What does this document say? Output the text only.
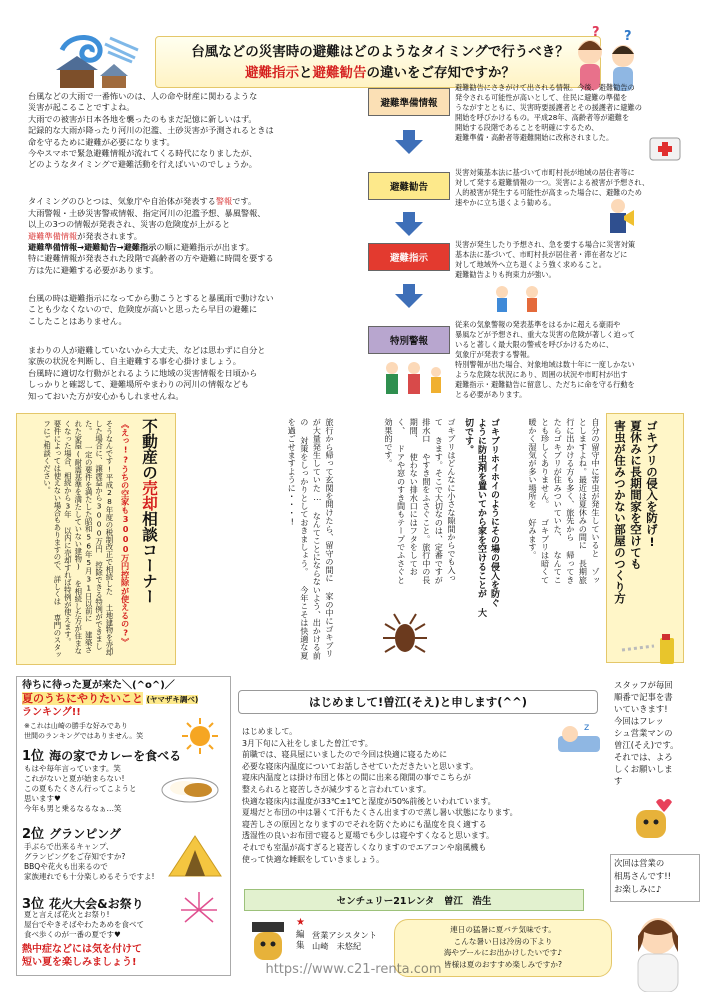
台風などの災害時の避難はどのようなタイミングで行うべき？
避難指示と避難勧告の違いをご存知ですか？
? ?
台風などの大雨で一番怖いのは、人の命や財産に関わるような
災害が起こることですよね。
大雨での被害が日本各地を襲ったのもまだ記憶に新しいはず。
記録的な大雨が降ったり河川の氾濫、土砂災害が予測されるときは
命を守るために避難が必要になります。
今やスマホで緊急避難情報が流れてくる時代になりましたが、
どのようなタイミングで避難活動を行えばいいのでしょうか。

タイミングのひとつは、気象庁や自治体が発表する警報です。
大雨警報・土砂災害警戒情報、指定河川の氾濫予想、暴風警報、
以上の3つの情報が発表され、災害の危険度が上がると
避難準備情報が発表されます。
避難準備情報→避難勧告→避難指示の順に避難指示が出ます。
特に避難情報が発表された段階で高齢者の方や避難に時間を要する
方は先に避難する必要があります。

台風の時は避難指示になってから動こうとすると暴風雨で動けない
ことも少なくないので、危険度が高いと思ったら早目の避難に
こしたことはありません。
まわりの人が避難していないから大丈夫、などは思わずに自分と
家族の状況を判断し、自主避難する事を心掛けましょう。
台風時に適切な行動がとれるように地域の災害情報を日頃から
しっかりと確認して、避難場所やまわりの河川の情報なども
知っておいた方が安心かもしれませんね。
避難準備情報
避難勧告にさきがけて出される情報。今後、避難勧告の
発令される可能性が高いとして、住民に避難の準備を
うながすとともに、災害時要援護者とその援護者に避難の
開始を呼びかけるもの。平成28年、高齢者等が避難を
開始する段階であることを明確にするため、
避難準備・高齢者等避難開始に改称されました。
避難勧告
災害対策基本法に基づいて市町村長が地域の居住者等に
対して発する避難情報の一つ。災害による被害が予想され、
人的被害が発生する可能性が高まった場合に、避難のため
速やかに立ち退くよう勧める。
避難指示
災害が発生したり予想され、急を要する場合に災害対策
基本法に基づいて、市町村長が居住者・滞在者などに
対して地域外へ立ち退くよう強く求めること。
避難勧告よりも拘束力が強い。
特別警報
従来の気象警報の発表基準をはるかに超える豪雨や
暴風などが予想され、重大な災害の危険が著しく迫って
いると著しく最大限の警戒を呼びかけるために、
気象庁が発表する警報。
特別警報が出た場合、対象地域は数十年に一度しかない
ような危険な状況にあり、周囲の状況や市町村が出す
避難指示・避難勧告に留意し、ただちに命を守る行動を
とる必要があります。
不動産の売却相談コーナー
《えっ!?うちの空家も3000万円控除が使えるの?》
そうなんです!平成28年度の税制改正で相続した 土地建物を売却した場合に、譲渡益から3000万円 控除できる特例ができました。 一定の要件を満たした昭和56年5月31日以前に 建築された家屋(耐震基準を満たしていない建物) を相続した方が住まなくなった場合、相続から3年 以内に売却すれば特例が使えます。 要件によっては使えない場合もありますので、詳しくは 専門のスタッフにご相談ください。	ゴキブリの侵入を防げ!
夏休みに長期間家を空けても
害虫が住みつかない部屋のつくり方
自分の留守中に害虫が発生していると ゾッとしますよね。最近は夏休みの間に 長期旅行に出かける方も多く、旅先から 帰ってきたらゴキブリが住みついていた、 なんてことも珍しくありません。 ゴキブリは暗くて暖かく湿気が多い場所を 好みます。
ゴキブリホイホイのようにその場の侵入を防ぐ ように防虫剤を置いてから家を空けることが 大切です。
ゴキブリはどんなに小さな隙間からでも入って きます。そこで大切なのは、定番ですが排水口 やすき間をふさぐこと。旅行中の長期間、 使わない排水口にはフタをしておく、 ドアや窓のすき間もテープでふさぐと 効果的です。
旅行から帰って玄関を開けたら、留守の間に 家の中にゴキブリが大量発生していた… なんてことにならないよう、出かける前の 対策をしっかりとしておきましょう。 今年こそは快適な夏を過ごせますように・・・!
待ちに待った夏が来た＼(^o^)／
夏のうちにやりたいこと (ヤマザキ調べ)
ランキング!!
※これは山崎の勝手な好みであり
世間のランキングではありません。笑
1位 海の家でカレーを食べる
もはや毎年言っています。笑
これがないと夏が始まらない!
この夏もたくさん行ってこようと
思います♥
今年も男と乗るなるなぁ…笑
2位 グランピング
手ぶらで出来るキャンプ、
グランピングをご存知ですか?
BBQや花火も出来るので
家族連れでも十分楽しめるそうですよ!
3位 花火大会&お祭り
夏と言えば花火とお祭り!
屋台でやきそばやわたあめを食べて
食べ歩くのが一番の夏です♥
熱中症などには気を付けて
短い夏を楽しみましょう!
はじめまして!曽江(そえ)と申します(^^)
はじめまして。
3月下旬に入社をしました曽江です。
前職では、寝具屋にいましたので今回は快適に寝るために
必要な寝床内温度についてお話しさせていただきたいと思います。
寝床内温度とは掛け布団と体との間に出来る隙間の事でこちらが
整えられると寝苦しさが減少すると言われています。
快適な寝床内は温度が33℃±1℃と湿度が50%前後といわれています。
夏場だと布団の中は暑くて汗もたくさん出ますので蒸し暑い状態になります。
寝苦しさの原因となりますのでそれを防ぐためにも温度を良く適する
透湿性の良いお布団で寝ると夏場でも少しは寝やすくなると思います。
それでも室温が高すぎると寝苦しくなりますのでエアコンや扇風機も
使って快適な睡眠をしていきましょう。
z
センチュリー21レンタ　曽江　浩生
★
編
集
営業アシスタント
山崎　未悠紀
連日の猛暑に夏バテ気味です。
こんな暑い日は冷房の下より
海やプールにお出かけしたいです♪
皆様は夏のおすすめ楽しみですか?
スタッフが毎回
順番で記事を書
いていきます!
今回はフレッ
シュ営業マンの
曽江(そえ)です。
それでは、よろ
しくお願いしま
す
次回は営業の
相馬さんです!!
お楽しみに♪
https://www.c21-renta.com
